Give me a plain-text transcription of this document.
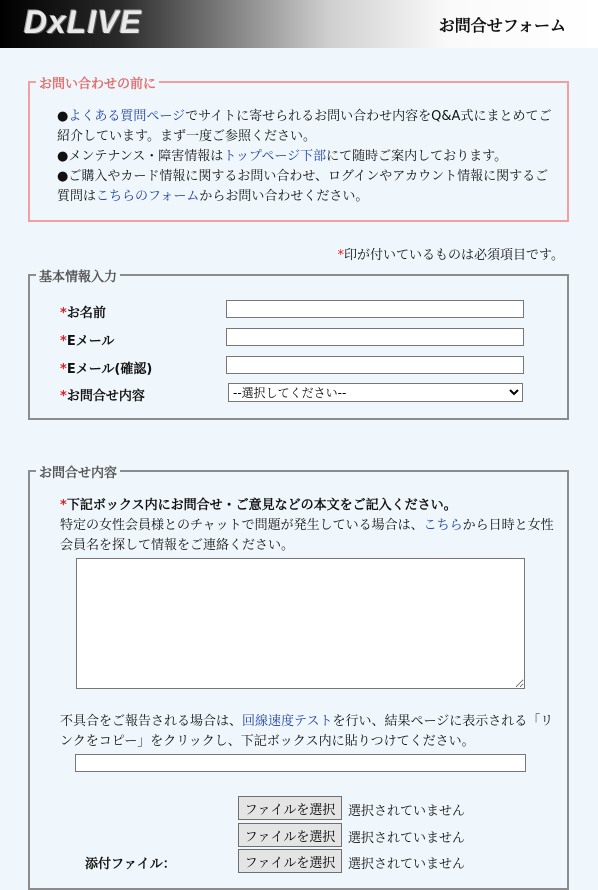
DxLIVE	お問合せフォーム
お問い合わせの前に
●よくある質問ページでサイトに寄せられるお問い合わせ内容をQ&A式にまとめてご紹介しています。まず一度ご参照ください。
●メンテナンス・障害情報はトップページ下部にて随時ご案内しております。
●ご購入やカード情報に関するお問い合わせ、ログインやアカウント情報に関するご質問はこちらのフォームからお問い合わせください。
*印が付いているものは必須項目です。
基本情報入力
*お名前
*Eメール
*Eメール(確認)
*お問合せ内容
--選択してください--
お問合せ内容
*下記ボックス内にお問合せ・ご意見などの本文をご記入ください。
特定の女性会員様とのチャットで問題が発生している場合は、こちらから日時と女性会員名を探して情報をご連絡ください。
不具合をご報告される場合は、回線速度テストを行い、結果ページに表示される「リンクをコピー」をクリックし、下記ボックス内に貼りつけてください。
ファイルを選択 選択されていません
ファイルを選択 選択されていません
添付ファイル：	ファイルを選択 選択されていません
